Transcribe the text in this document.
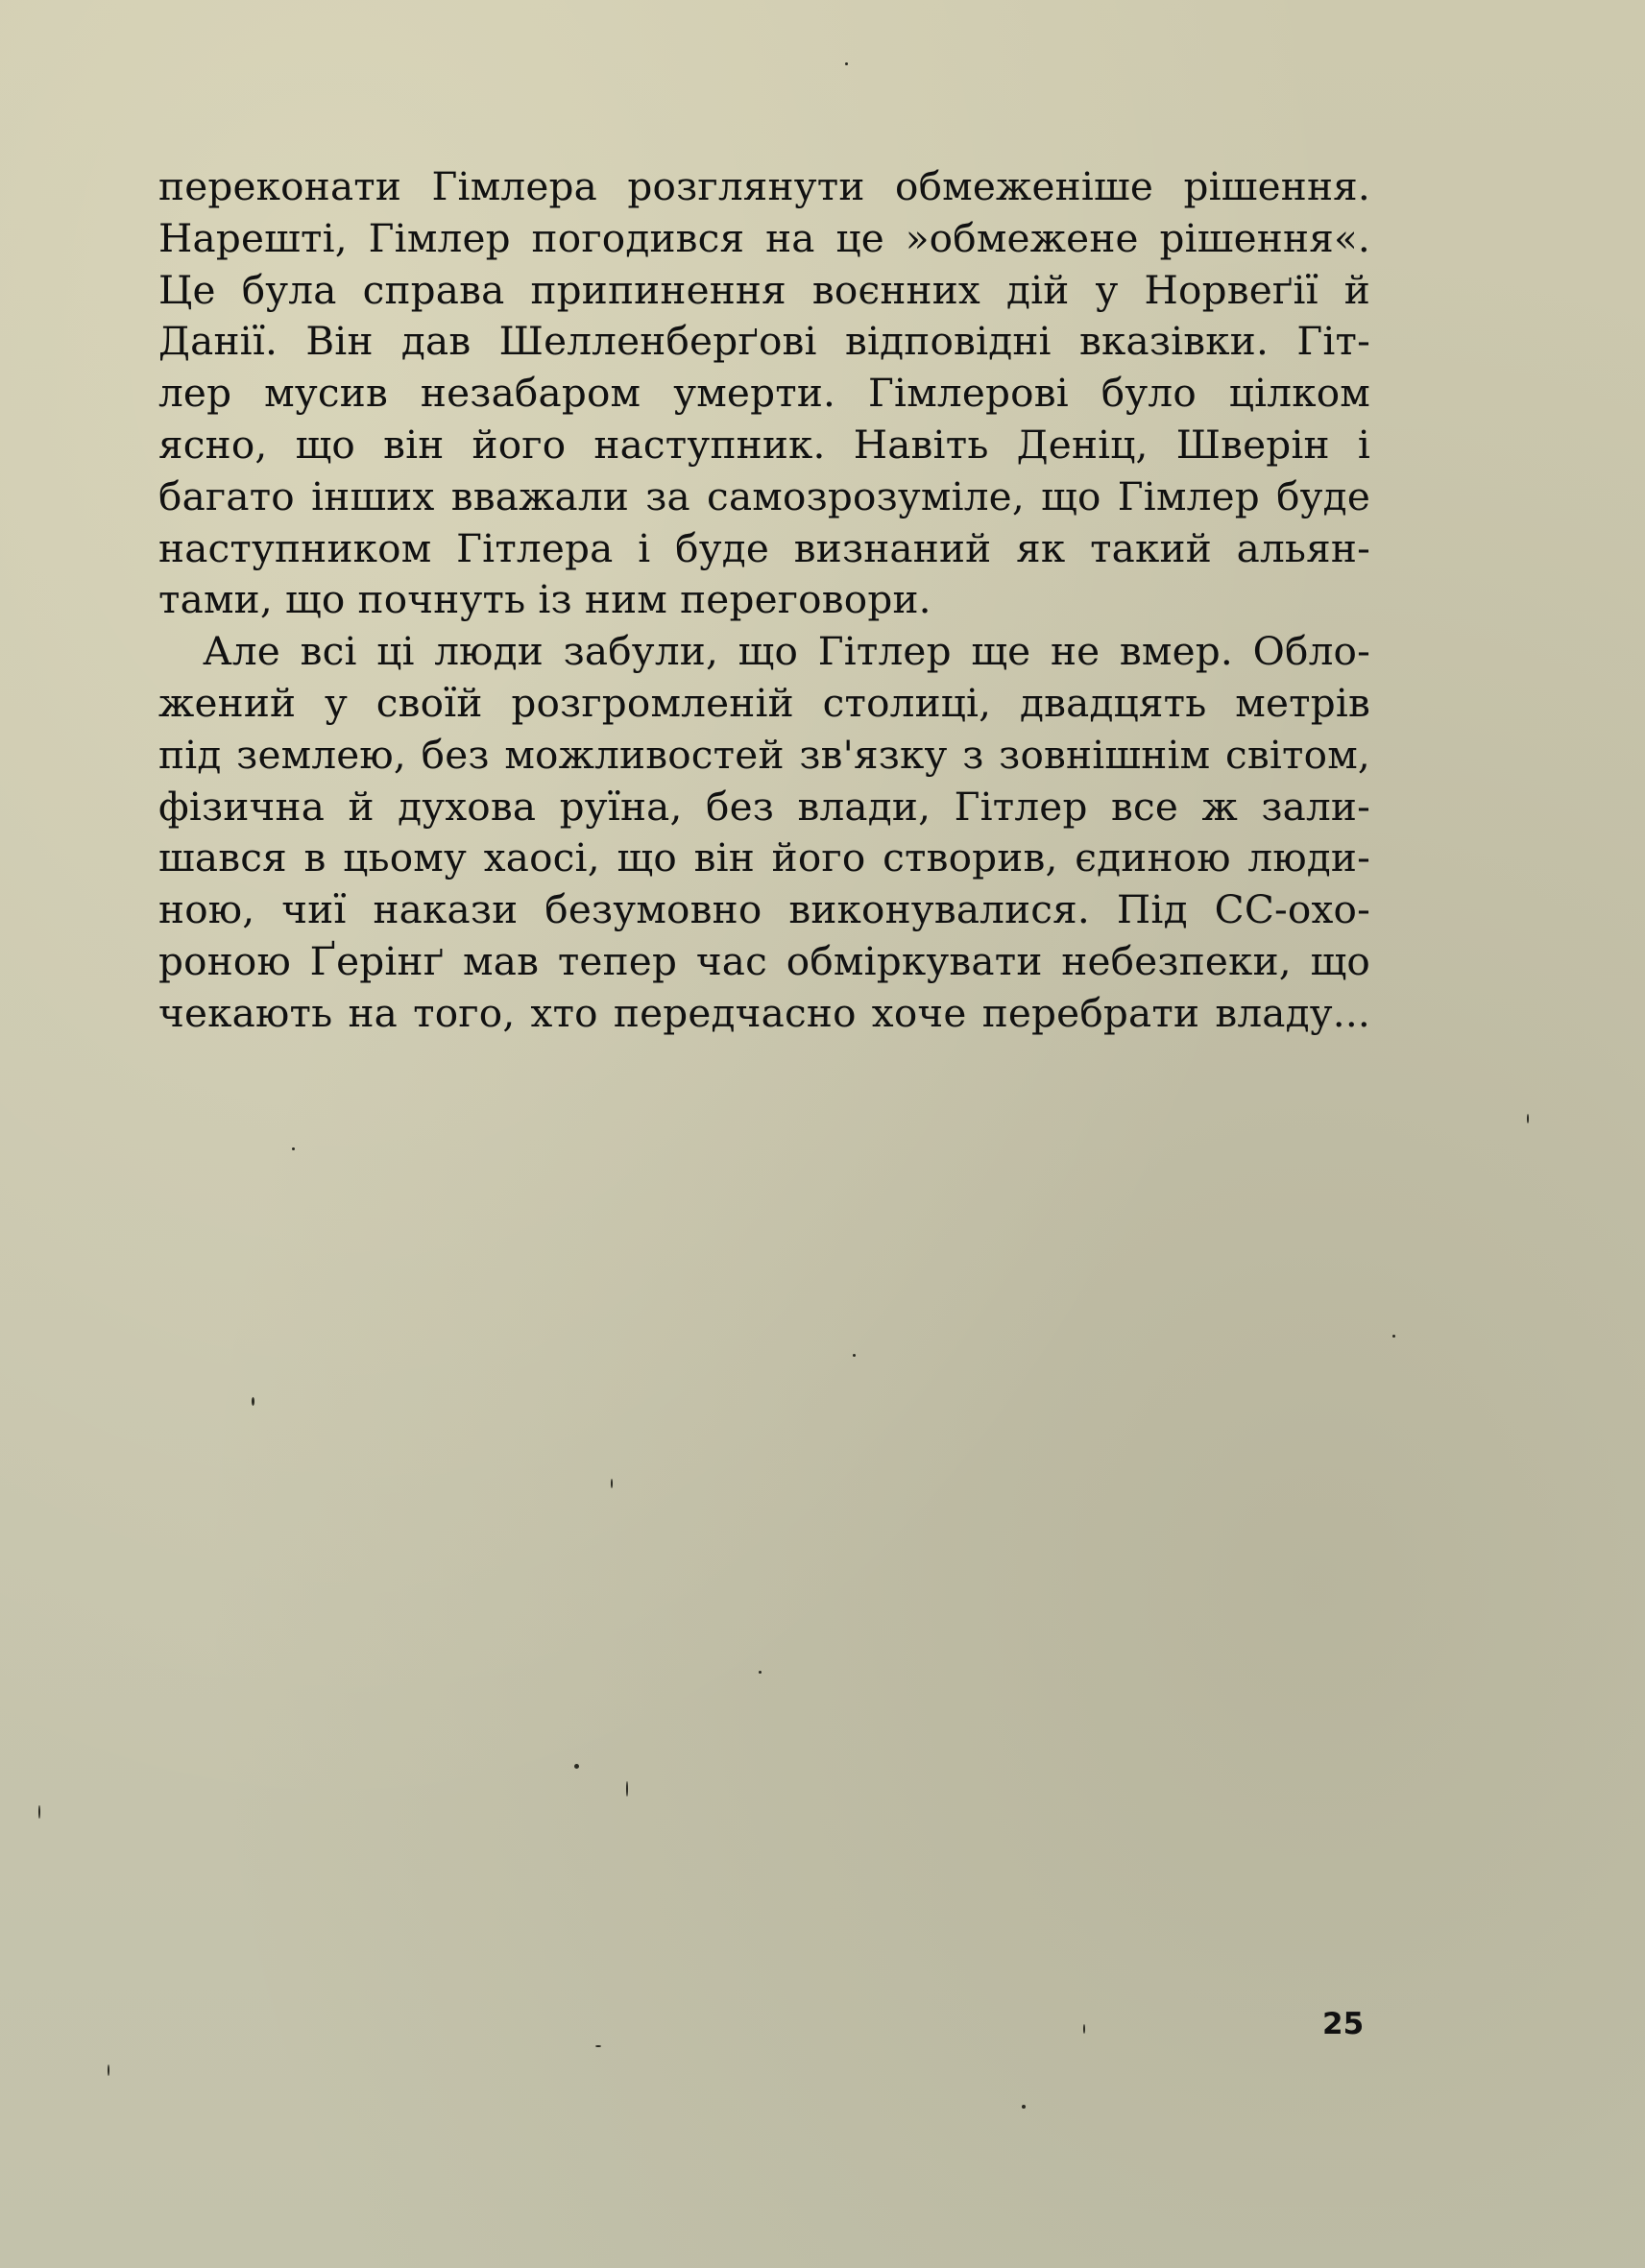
переконати Гімлера розглянути обмеженіше рішення.
Нарешті, Гімлер погодився на це »обмежене рішення«.
Це була справа припинення воєнних дій у Норвеґії й
Данії. Він дав Шелленберґові відповідні вказівки. Гіт-
лер мусив незабаром умерти. Гімлерові було цілком
ясно, що він його наступник. Навіть Деніц, Шверін і
багато інших вважали за самозрозуміле, що Гімлер буде
наступником Гітлера і буде визнаний як такий альян-
тами, що почнуть із ним переговори.
Але всі ці люди забули, що Гітлер ще не вмер. Обло-
жений у своїй розгромленій столиці, двадцять метрів
під землею, без можливостей зв'язку з зовнішнім світом,
фізична й духова руїна, без влади, Гітлер все ж зали-
шався в цьому хаосі, що він його створив, єдиною люди-
ною, чиї накази безумовно виконувалися. Під СС-охо-
роною Ґерінґ мав тепер час обміркувати небезпеки, що
чекають на того, хто передчасно хоче перебрати владу...
25
